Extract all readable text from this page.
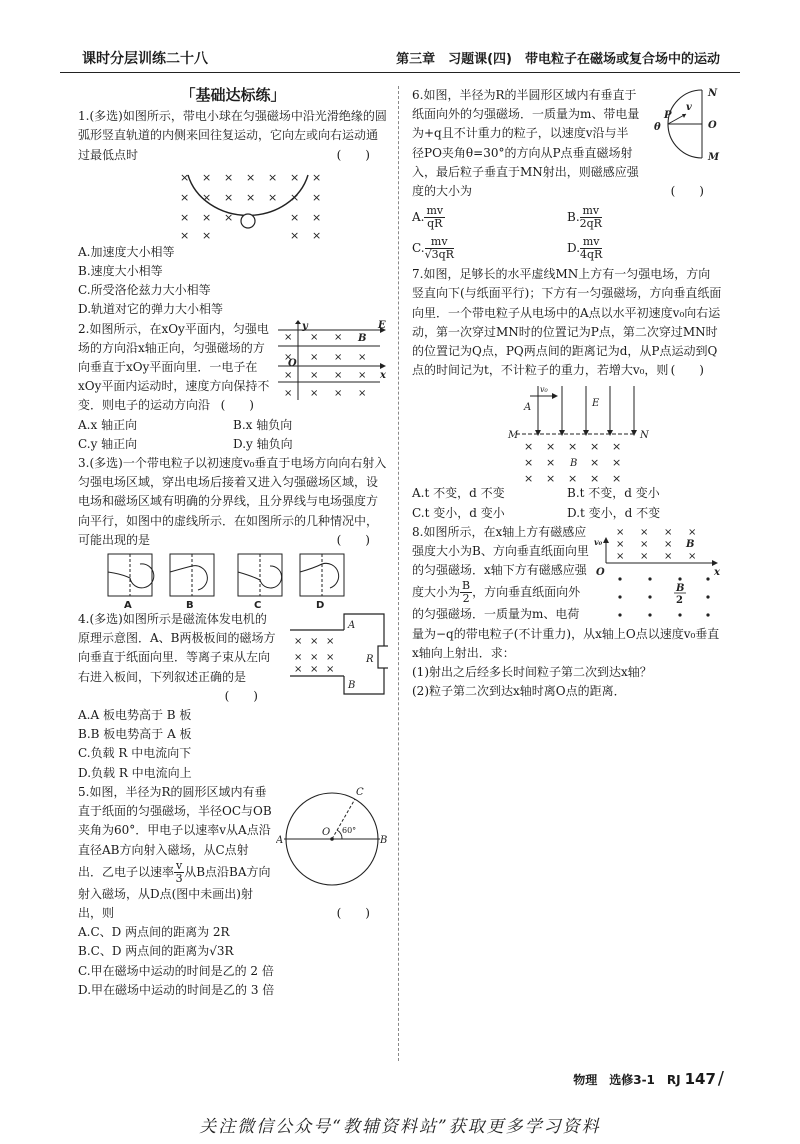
课时分层训练二十八	第三章　习题课(四)　带电粒子在磁场或复合场中的运动
「基础达标练」

1.(多选)如图所示，带电小球在匀强磁场中沿光滑绝缘的圆弧形竖直轨道的内侧来回往复运动，它向左或向右运动通过最低点时	(　　)

× × × × × × ×
× × × × × × ×
× × ×	× ×
× ×	× ×

A.加速度大小相等

B.速度大小相等

C.所受洛伦兹力大小相等

D.轨道对它的弹力大小相等

× × ×
× × × ×
× × × ×
× × × ×
y
B
E
O
x

2.如图所示，在xOy平面内，匀强电场的方向沿x轴正向，匀强磁场的方向垂直于xOy平面向里．一电子在xOy平面内运动时，速度方向保持不变．则电子的运动方向沿 (　　)

A.x 轴正向	B.x 轴负向

C.y 轴正向	D.y 轴负向

3.(多选)一个带电粒子以初速度v₀垂直于电场方向向右射入匀强电场区域，穿出电场后接着又进入匀强磁场区域，设电场和磁场区域有明确的分界线，且分界线与电场强度方向平行，如图中的虚线所示．在如图所示的几种情况中，可能出现的是	(　　)

A	B	C	D
× × ×
× × ×
× × ×
A
B
R

4.(多选)如图所示是磁流体发电机的原理示意图．A、B两极板间的磁场方向垂直于纸面向里．等离子束从左向右进入板间，下列叙述正确的是
(　　)

A.A 板电势高于 B 板

B.B 板电势高于 A 板

C.负载 R 中电流向下

D.负载 R 中电流向上

A	B
C
O 60°

5.如图，半径为R的圆形区域内有垂直于纸面的匀强磁场，半径OC与OB夹角为60°．甲电子以速率v从A点沿直径AB方向射入磁场，从C点射出．乙电子以速率 $\frac{v}{3}$ 从B点沿BA方向射入磁场，从D点(图中未画出)射出，则	(　　)

A.C、D 两点间的距离为 2R

B.C、D 两点间的距离为√3R

C.甲在磁场中运动的时间是乙的 2 倍

D.甲在磁场中运动的时间是乙的 3 倍

N
O
M
P
v
θ

6.如图，半径为R的半圆形区域内有垂直于纸面向外的匀强磁场．一质量为m、带电量为+q且不计重力的粒子，以速度v沿与半径PO夹角θ=30°的方向从P点垂直磁场射入，最后粒子垂直于MN射出，则磁感应强度的大小为	(　　)

A. $\frac{mv}{qR}$	B. $\frac{mv}{2qR}$

C. $\frac{mv}{√3qR}$	D. $\frac{mv}{4qR}$

7.如图，足够长的水平虚线MN上方有一匀强电场，方向竖直向下(与纸面平行)；下方有一匀强磁场，方向垂直纸面向里．一个带电粒子从电场中的A点以水平初速度v₀向右运动，第一次穿过MN时的位置记为P点，第二次穿过MN时的位置记为Q点，PQ两点间的距离记为d，从P点运动到Q点的时间记为t，不计粒子的重力，若增大v₀，则 (　　)

× × × × ×
× ×	× ×
× × × × ×
A
v₀
E
M	N
B

A.t 不变，d 不变	B.t 不变，d 变小

C.t 变小，d 变小	D.t 变小，d 不变

× × × ×
× × ×
× × × ×
B
v₀
O	x
B
2

8.如图所示，在x轴上方有磁感应强度大小为B、方向垂直纸面向里的匀强磁场．x轴下方有磁感应强度大小为 $\frac{B}{2}$ ，方向垂直纸面向外的匀强磁场．一质量为m、电荷量为−q的带电粒子(不计重力)，从x轴上O点以速度v₀垂直x轴向上射出．求：

(1)射出之后经多长时间粒子第二次到达x轴？

(2)粒子第二次到达x轴时离O点的距离．

物理　选修3-1　RJ 147 /
关注微信公众号“教辅资料站”获取更多学习资料
